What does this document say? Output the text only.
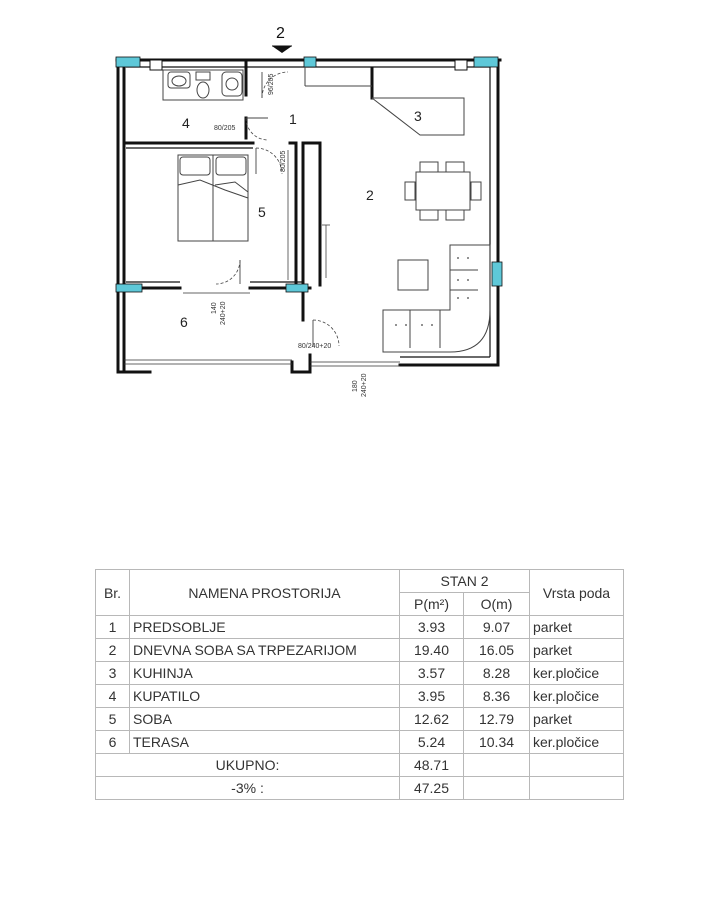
2
1
2
3
4
5
6
96/205
80/205
80/205
140 240+20
80/240+20
180 240+20
Br.	NAMENA PROSTORIJA	STAN 2		Vrsta poda
		P(m²)	O(m)	
1	PREDSOBLJE	3.93	9.07	parket
2	DNEVNA SOBA SA TRPEZARIJOM	19.40	16.05	parket
3	KUHINJA	3.57	8.28	ker.pločice
4	KUPATILO	3.95	8.36	ker.pločice
5	SOBA	12.62	12.79	parket
6	TERASA	5.24	10.34	ker.pločice
UKUPNO:		48.71		
-3% :		47.25		
